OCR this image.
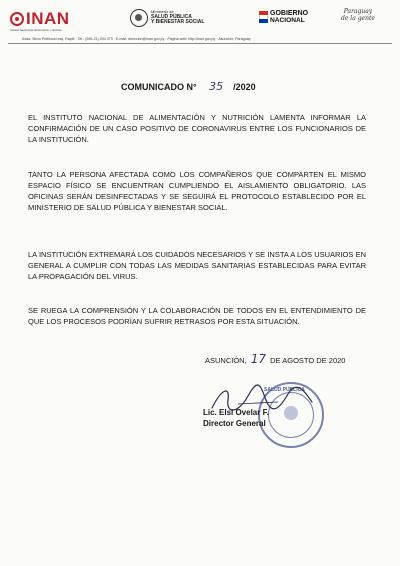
INAN
Instituto Nacional de Alimentación y Nutrición
Ministerio de
SALUD PÚBLICA
Y BIENESTAR SOCIAL
GOBIERNO
NACIONAL
Paraguay
de la gente
Avda. Silvio Pettirossi esq. Rapiti · Tel.: (595-21) 294 073 · E-mail: direccion@inan.gov.py · Página web: http://inan.gov.py · Asunción, Paraguay
COMUNICADO N° 35 /2020
EL INSTITUTO NACIONAL DE ALIMENTACIÓN Y NUTRICIÓN LAMENTA INFORMAR LA CONFIRMACIÓN DE UN CASO POSITIVO DE CORONAVIRUS ENTRE LOS FUNCIONARIOS DE LA INSTITUCIÓN.
TANTO LA PERSONA AFECTADA COMO LOS COMPAÑEROS QUE COMPARTEN EL MISMO ESPACIO FÍSICO SE ENCUENTRAN CUMPLIENDO EL AISLAMIENTO OBLIGATORIO. LAS OFICINAS SERÁN DESINFECTADAS Y SE SEGUIRÁ EL PROTOCOLO ESTABLECIDO POR EL MINISTERIO DE SALUD PÚBLICA Y BIENESTAR SOCIAL.
LA INSTITUCIÓN EXTREMARÁ LOS CUIDADOS NECESARIOS Y SE INSTA A LOS USUARIOS EN GENERAL A CUMPLIR CON TODAS LAS MEDIDAS SANITARIAS ESTABLECIDAS PARA EVITAR LA PROPAGACIÓN DEL VIRUS.
SE RUEGA LA COMPRENSIÓN Y LA COLABORACIÓN DE TODOS EN EL ENTENDIMIENTO DE QUE LOS PROCESOS PODRÍAN SUFRIR RETRASOS POR ESTA SITUACIÓN.
ASUNCIÓN, 17 DE AGOSTO DE 2020
SALUD PÚBLICA
Lic. Elsi Ovelar F.
Director General
